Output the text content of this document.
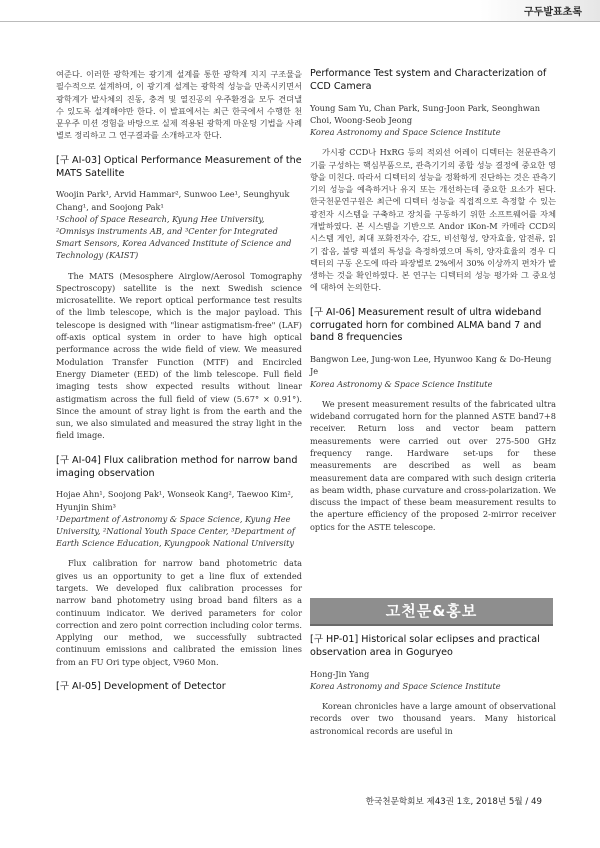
구두발표초록

여준다. 이러한 광학계는 광기계 설계를 통한 광학계 지지 구조물을 필수적으로 설계하며, 이 광기계 설계는 광학적 성능을 만족시키면서 광학계가 발사체의 진동, 충격 및 열진공의 우주환경을 모두 견뎌낼 수 있도록 설계해야만 한다. 이 발표에서는 최근 한국에서 수행한 천문우주 미션 경험을 바탕으로 실제 적용된 광학계 마운팅 기법을 사례별로 정리하고 그 연구결과를 소개하고자 한다.

[구 AI-03] Optical Performance Measurement of the MATS Satellite

Woojin Park¹, Arvid Hammar², Sunwoo Lee¹, Seunghyuk Chang¹, and Soojong Pak¹

¹School of Space Research, Kyung Hee University, ²Omnisys instruments AB, and ³Center for Integrated Smart Sensors, Korea Advanced Institute of Science and Technology (KAIST)

The MATS (Mesosphere Airglow/Aerosol Tomography Spectroscopy) satellite is the next Swedish science microsatellite. We report optical performance test results of the limb telescope, which is the major payload. This telescope is designed with "linear astigmatism-free" (LAF) off-axis optical system in order to have high optical performance across the wide field of view. We measured Modulation Transfer Function (MTF) and Encircled Energy Diameter (EED) of the limb telescope. Full field imaging tests show expected results without linear astigmatism across the full field of view (5.67° × 0.91°). Since the amount of stray light is from the earth and the sun, we also simulated and measured the stray light in the field image.

[구 AI-04] Flux calibration method for narrow band imaging observation

Hojae Ahn¹, Soojong Pak¹, Wonseok Kang², Taewoo Kim², Hyunjin Shim³

¹Department of Astronomy & Space Science, Kyung Hee University, ²National Youth Space Center, ³Department of Earth Science Education, Kyungpook National University

Flux calibration for narrow band photometric data gives us an opportunity to get a line flux of extended targets. We developed flux calibration processes for narrow band photometry using broad band filters as a continuum indicator. We derived parameters for color correction and zero point correction including color terms. Applying our method, we successfully subtracted continuum emissions and calibrated the emission lines from an FU Ori type object, V960 Mon.

[구 AI-05] Development of Detector
Performance Test system and Characterization of CCD Camera

Young Sam Yu, Chan Park, Sung-Joon Park, Seonghwan Choi, Woong-Seob Jeong

Korea Astronomy and Space Science Institute

가시광 CCD나 HxRG 등의 적외선 어레이 디텍터는 천문관측기기를 구성하는 핵심부품으로, 관측기기의 종합 성능 결정에 중요한 영향을 미친다. 따라서 디텍터의 성능을 정확하게 진단하는 것은 관측기기의 성능을 예측하거나 유지 또는 개선하는데 중요한 요소가 된다. 한국천문연구원은 최근에 디텍터 성능을 직접적으로 측정할 수 있는 광전자 시스템을 구축하고 장치를 구동하기 위한 소프트웨어를 자체 개발하였다. 본 시스템을 기반으로 Andor iKon-M 카메라 CCD의 시스템 게인, 최대 포화전자수, 감도, 비선형성, 양자효율, 암전류, 읽기 잡음, 불량 픽셀의 특성을 측정하였으며 특히, 양자효율의 경우 디텍터의 구동 온도에 따라 파장별로 2%에서 30% 이상까지 편차가 발생하는 것을 확인하였다. 본 연구는 디텍터의 성능 평가와 그 중요성에 대하여 논의한다.

[구 AI-06] Measurement result of ultra wideband corrugated horn for combined ALMA band 7 and band 8 frequencies

Bangwon Lee, Jung-won Lee, Hyunwoo Kang & Do-Heung Je

Korea Astronomy & Space Science Institute

We present measurement results of the fabricated ultra wideband corrugated horn for the planned ASTE band7+8 receiver. Return loss and vector beam pattern measurements were carried out over 275-500 GHz frequency range. Hardware set-ups for these measurements are described as well as beam measurement data are compared with such design criteria as beam width, phase curvature and cross-polarization. We discuss the impact of these beam measurement results to the aperture efficiency of the proposed 2-mirror receiver optics for the ASTE telescope.

고천문&홍보
[구 HP-01] Historical solar eclipses and practical observation area in Goguryeo

Hong-Jin Yang

Korea Astronomy and Space Science Institute

Korean chronicles have a large amount of observational records over two thousand years. Many historical astronomical records are useful in

한국천문학회보 제43권 1호, 2018년 5월 / 49
